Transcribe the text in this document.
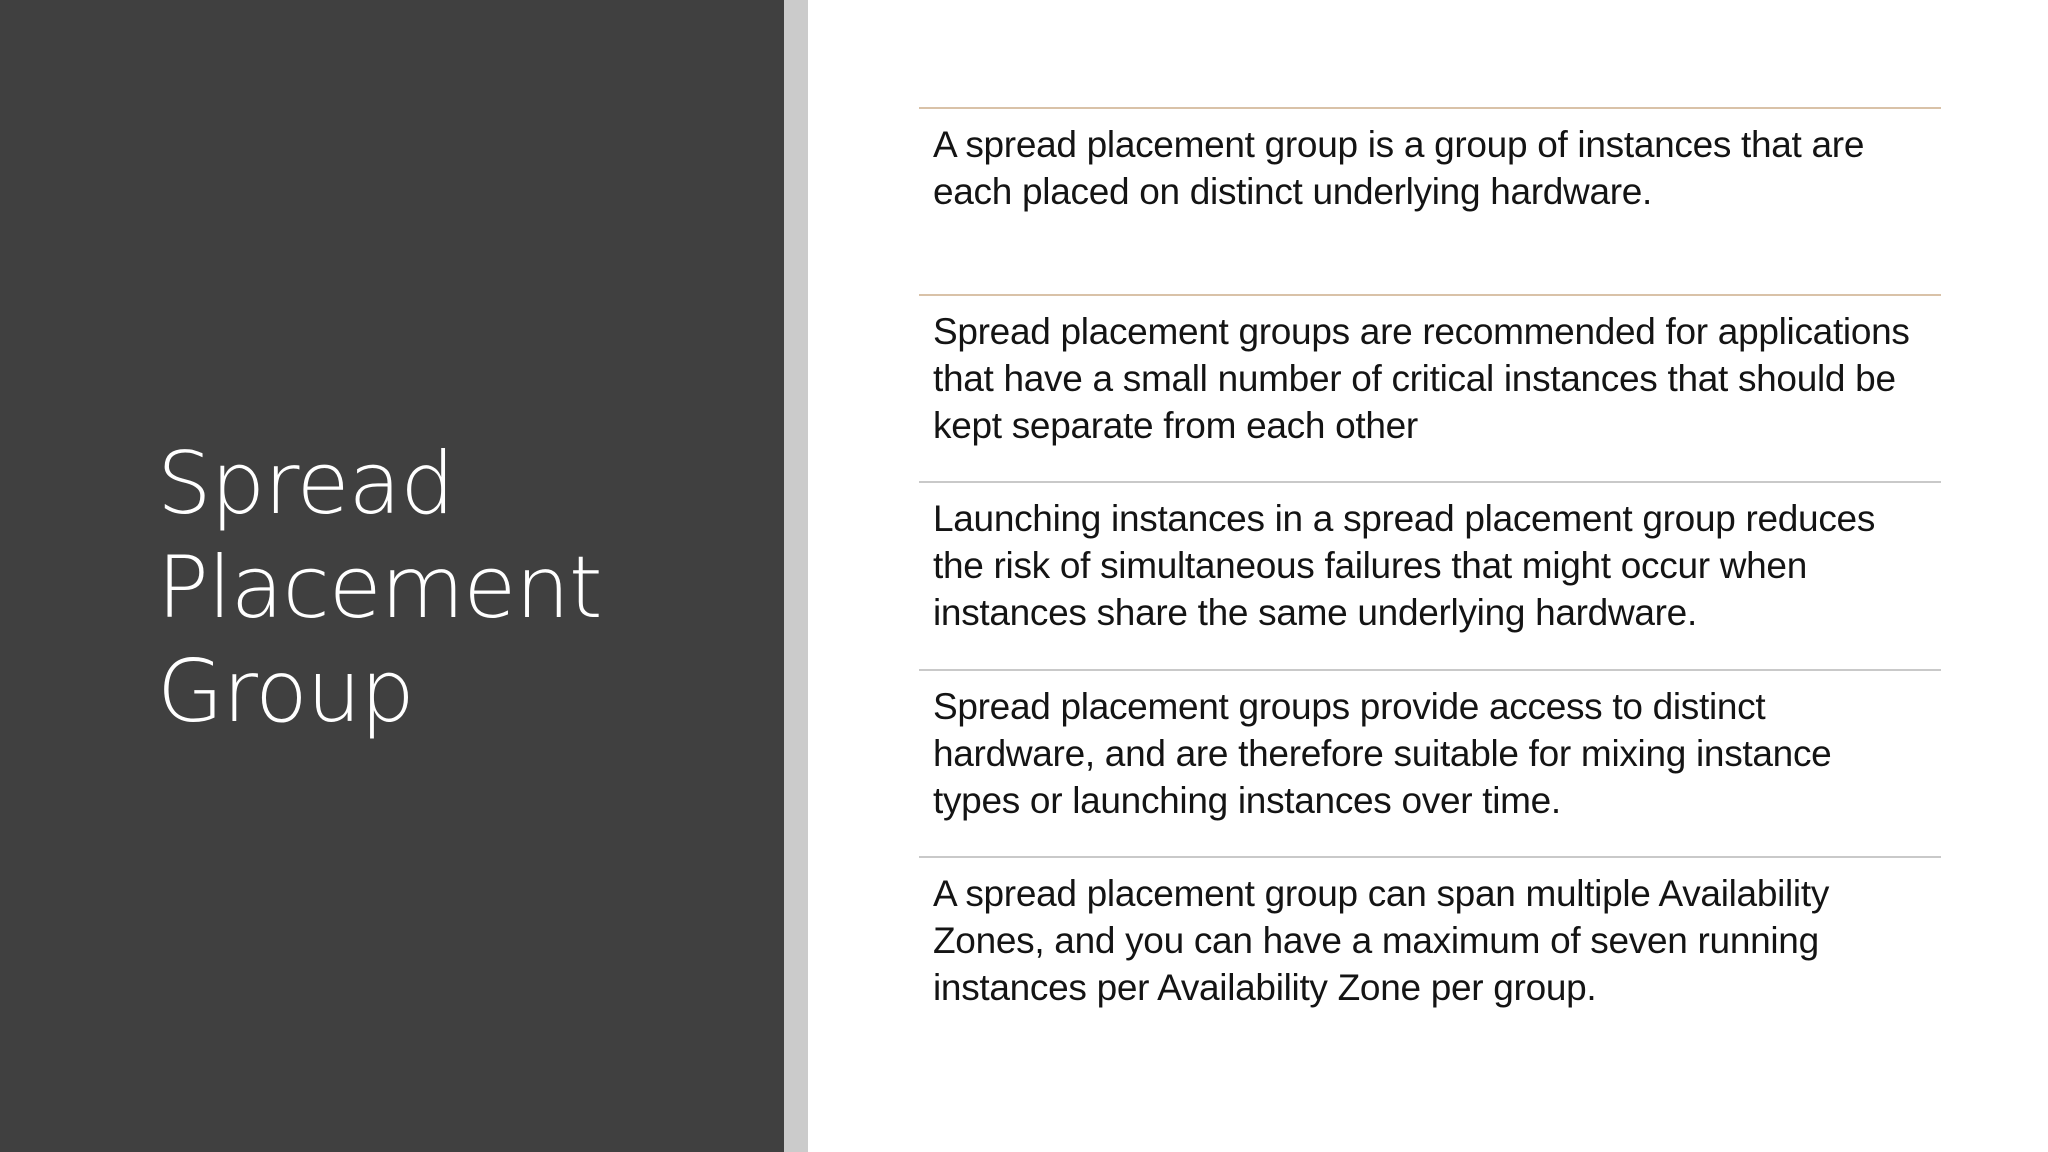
Spread
Placement
Group
A spread placement group is a group of instances that are each placed on distinct underlying hardware.
Spread placement groups are recommended for applications that have a small number of critical instances that should be kept separate from each other
Launching instances in a spread placement group reduces the risk of simultaneous failures that might occur when instances share the same underlying hardware.
Spread placement groups provide access to distinct hardware, and are therefore suitable for mixing instance types or launching instances over time.
A spread placement group can span multiple Availability Zones, and you can have a maximum of seven running instances per Availability Zone per group.
